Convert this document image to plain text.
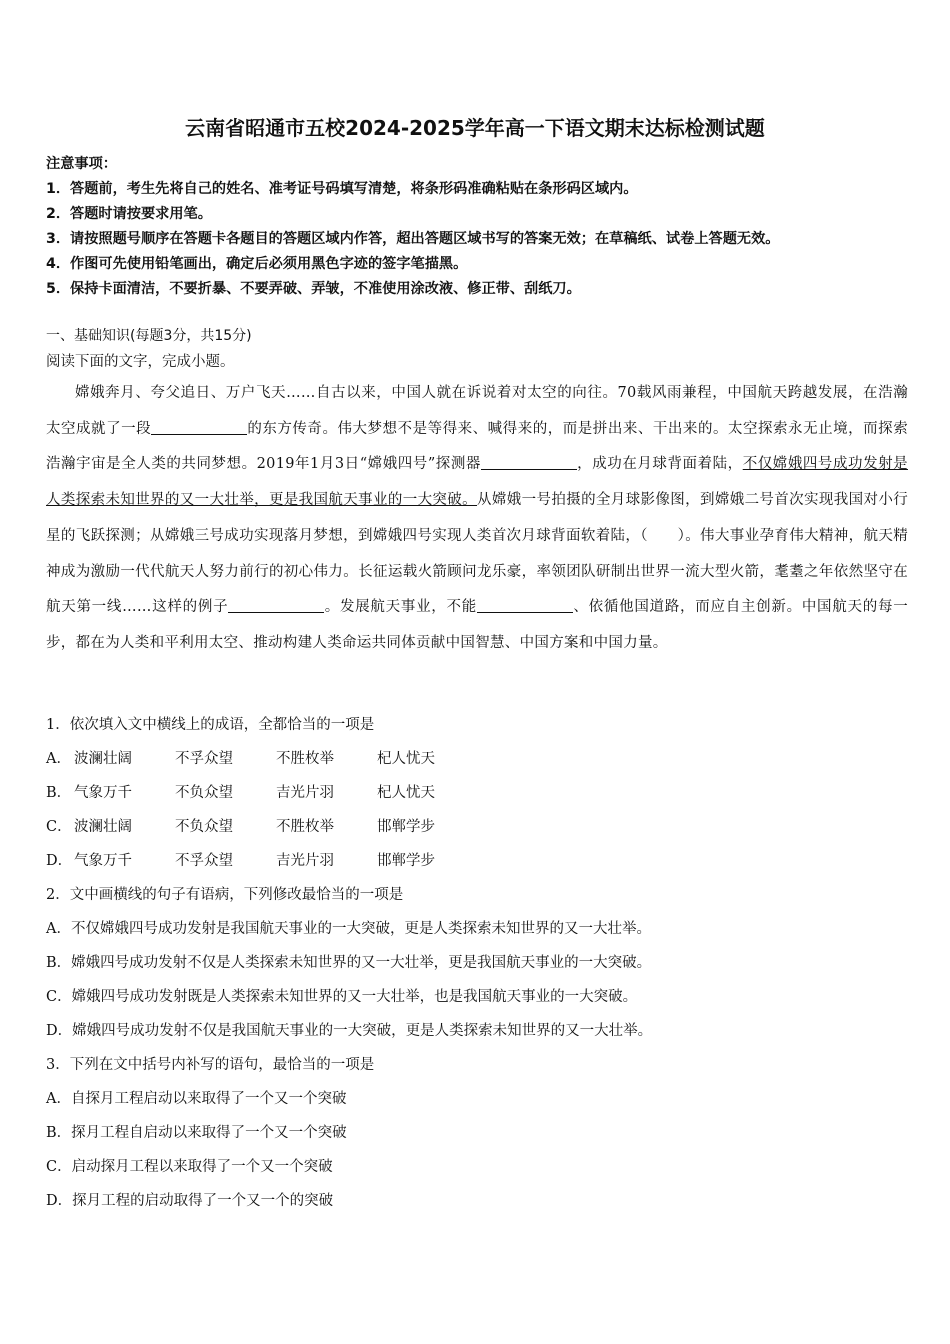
云南省昭通市五校2024-2025学年高一下语文期末达标检测试题
注意事项：
1．答题前，考生先将自己的姓名、准考证号码填写清楚，将条形码准确粘贴在条形码区域内。
2．答题时请按要求用笔。
3．请按照题号顺序在答题卡各题目的答题区域内作答，超出答题区域书写的答案无效；在草稿纸、试卷上答题无效。
4．作图可先使用铅笔画出，确定后必须用黑色字迹的签字笔描黑。
5．保持卡面清洁，不要折暴、不要弄破、弄皱，不准使用涂改液、修正带、刮纸刀。
一、基础知识(每题3分，共15分)
阅读下面的文字，完成小题。
嫦娥奔月、夸父追日、万户飞天……自古以来，中国人就在诉说着对太空的向往。70载风雨兼程，中国航天跨越发展，在浩瀚太空成就了一段	的东方传奇。伟大梦想不是等得来、喊得来的，而是拼出来、干出来的。太空探索永无止境，而探索浩瀚宇宙是全人类的共同梦想。2019年1月3日“嫦娥四号”探测器	，成功在月球背面着陆，不仅嫦娥四号成功发射是人类探索未知世界的又一大壮举，更是我国航天事业的一大突破。从嫦娥一号拍摄的全月球影像图，到嫦娥二号首次实现我国对小行星的飞跃探测；从嫦娥三号成功实现落月梦想，到嫦娥四号实现人类首次月球背面软着陆，（　　）。伟大事业孕育伟大精神，航天精神成为激励一代代航天人努力前行的初心伟力。长征运载火箭顾问龙乐豪，率领团队研制出世界一流大型火箭，耄耋之年依然坚守在航天第一线……这样的例子	。发展航天事业，不能	、依循他国道路，而应自主创新。中国航天的每一步，都在为人类和平利用太空、推动构建人类命运共同体贡献中国智慧、中国方案和中国力量。
1．依次填入文中横线上的成语，全都恰当的一项是
A． 波澜壮阔	不孚众望	不胜枚举	杞人忧天
B． 气象万千	不负众望	吉光片羽	杞人忧天
C． 波澜壮阔	不负众望	不胜枚举	邯郸学步
D． 气象万千	不孚众望	吉光片羽	邯郸学步
2．文中画横线的句子有语病，下列修改最恰当的一项是
A．不仅嫦娥四号成功发射是我国航天事业的一大突破，更是人类探索未知世界的又一大壮举。
B．嫦娥四号成功发射不仅是人类探索未知世界的又一大壮举，更是我国航天事业的一大突破。
C．嫦娥四号成功发射既是人类探索未知世界的又一大壮举，也是我国航天事业的一大突破。
D．嫦娥四号成功发射不仅是我国航天事业的一大突破，更是人类探索未知世界的又一大壮举。
3．下列在文中括号内补写的语句，最恰当的一项是
A．自探月工程启动以来取得了一个又一个突破
B．探月工程自启动以来取得了一个又一个突破
C．启动探月工程以来取得了一个又一个突破
D．探月工程的启动取得了一个又一个的突破
